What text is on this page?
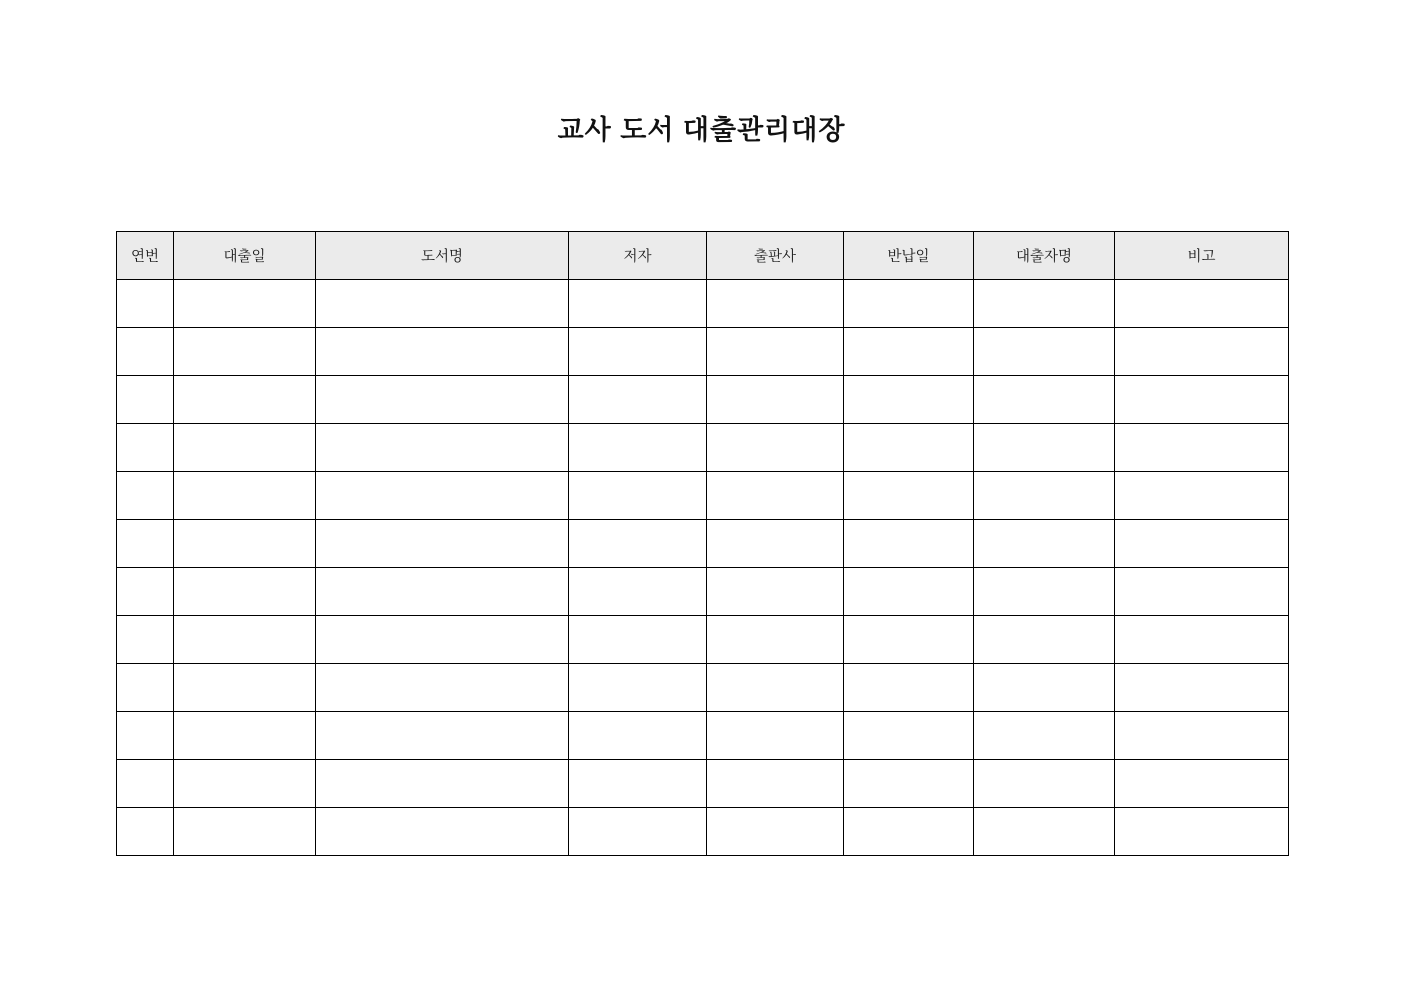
교사 도서 대출관리대장
연번	대출일	도서명	저자	출판사	반납일	대출자명	비고
